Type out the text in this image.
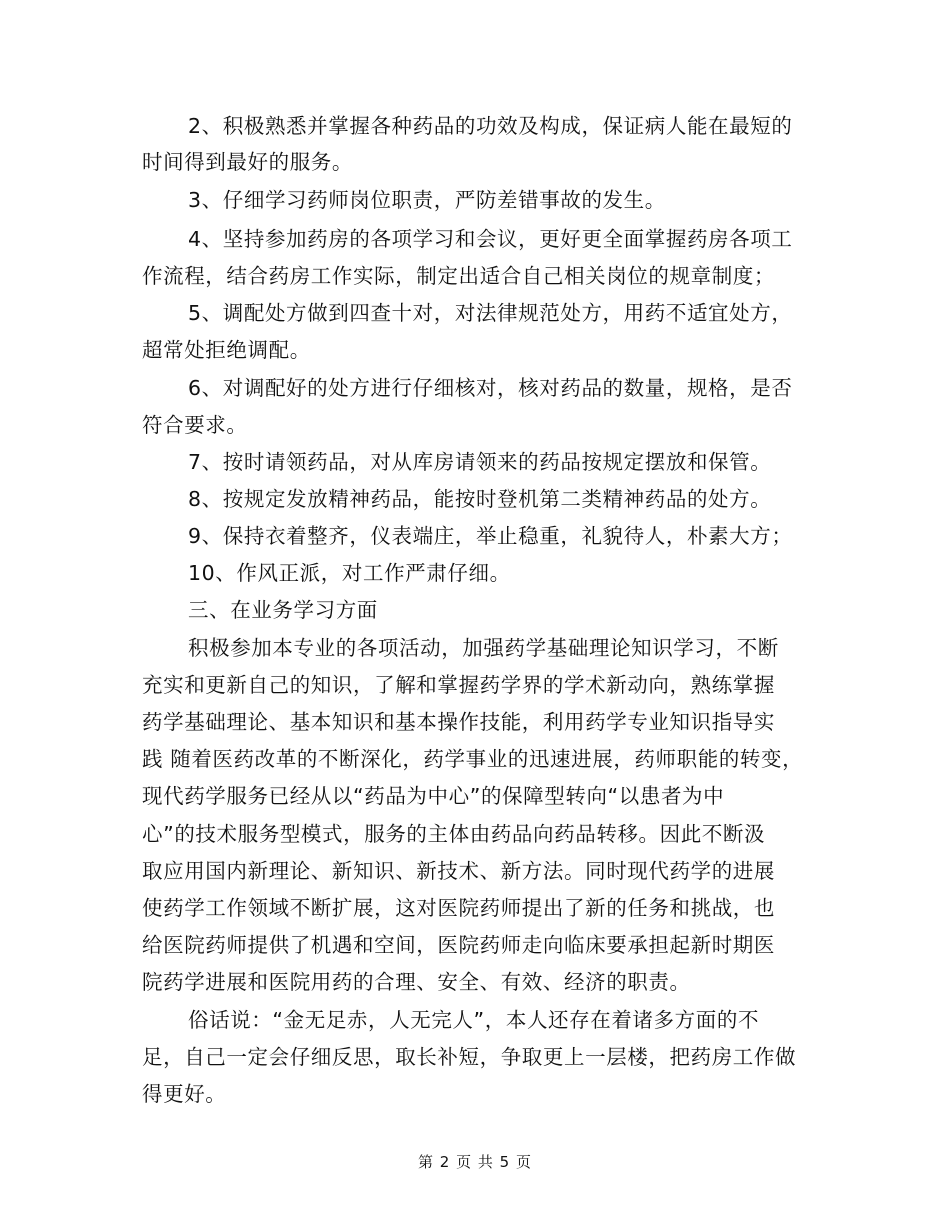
2、积极熟悉并掌握各种药品的功效及构成，保证病人能在最短的
时间得到最好的服务。
3、仔细学习药师岗位职责，严防差错事故的发生。
4、坚持参加药房的各项学习和会议，更好更全面掌握药房各项工
作流程，结合药房工作实际，制定出适合自己相关岗位的规章制度；
5、调配处方做到四查十对，对法律规范处方，用药不适宜处方，
超常处拒绝调配。
6、对调配好的处方进行仔细核对，核对药品的数量，规格，是否
符合要求。
7、按时请领药品，对从库房请领来的药品按规定摆放和保管。
8、按规定发放精神药品，能按时登机第二类精神药品的处方。
9、保持衣着整齐，仪表端庄，举止稳重，礼貌待人，朴素大方；
10、作风正派，对工作严肃仔细。
三、在业务学习方面
积极参加本专业的各项活动，加强药学基础理论知识学习，不断
充实和更新自己的知识，了解和掌握药学界的学术新动向，熟练掌握
药学基础理论、基本知识和基本操作技能，利用药学专业知识指导实
践 随着医药改革的不断深化，药学事业的迅速进展，药师职能的转变，
现代药学服务已经从以“药品为中心”的保障型转向“以患者为中
心”的技术服务型模式，服务的主体由药品向药品转移。因此不断汲
取应用国内新理论、新知识、新技术、新方法。同时现代药学的进展
使药学工作领域不断扩展，这对医院药师提出了新的任务和挑战，也
给医院药师提供了机遇和空间，医院药师走向临床要承担起新时期医
院药学进展和医院用药的合理、安全、有效、经济的职责。
俗话说：“金无足赤，人无完人”，本人还存在着诸多方面的不
足，自己一定会仔细反思，取长补短，争取更上一层楼，把药房工作做
得更好。
第 2 页 共 5 页
